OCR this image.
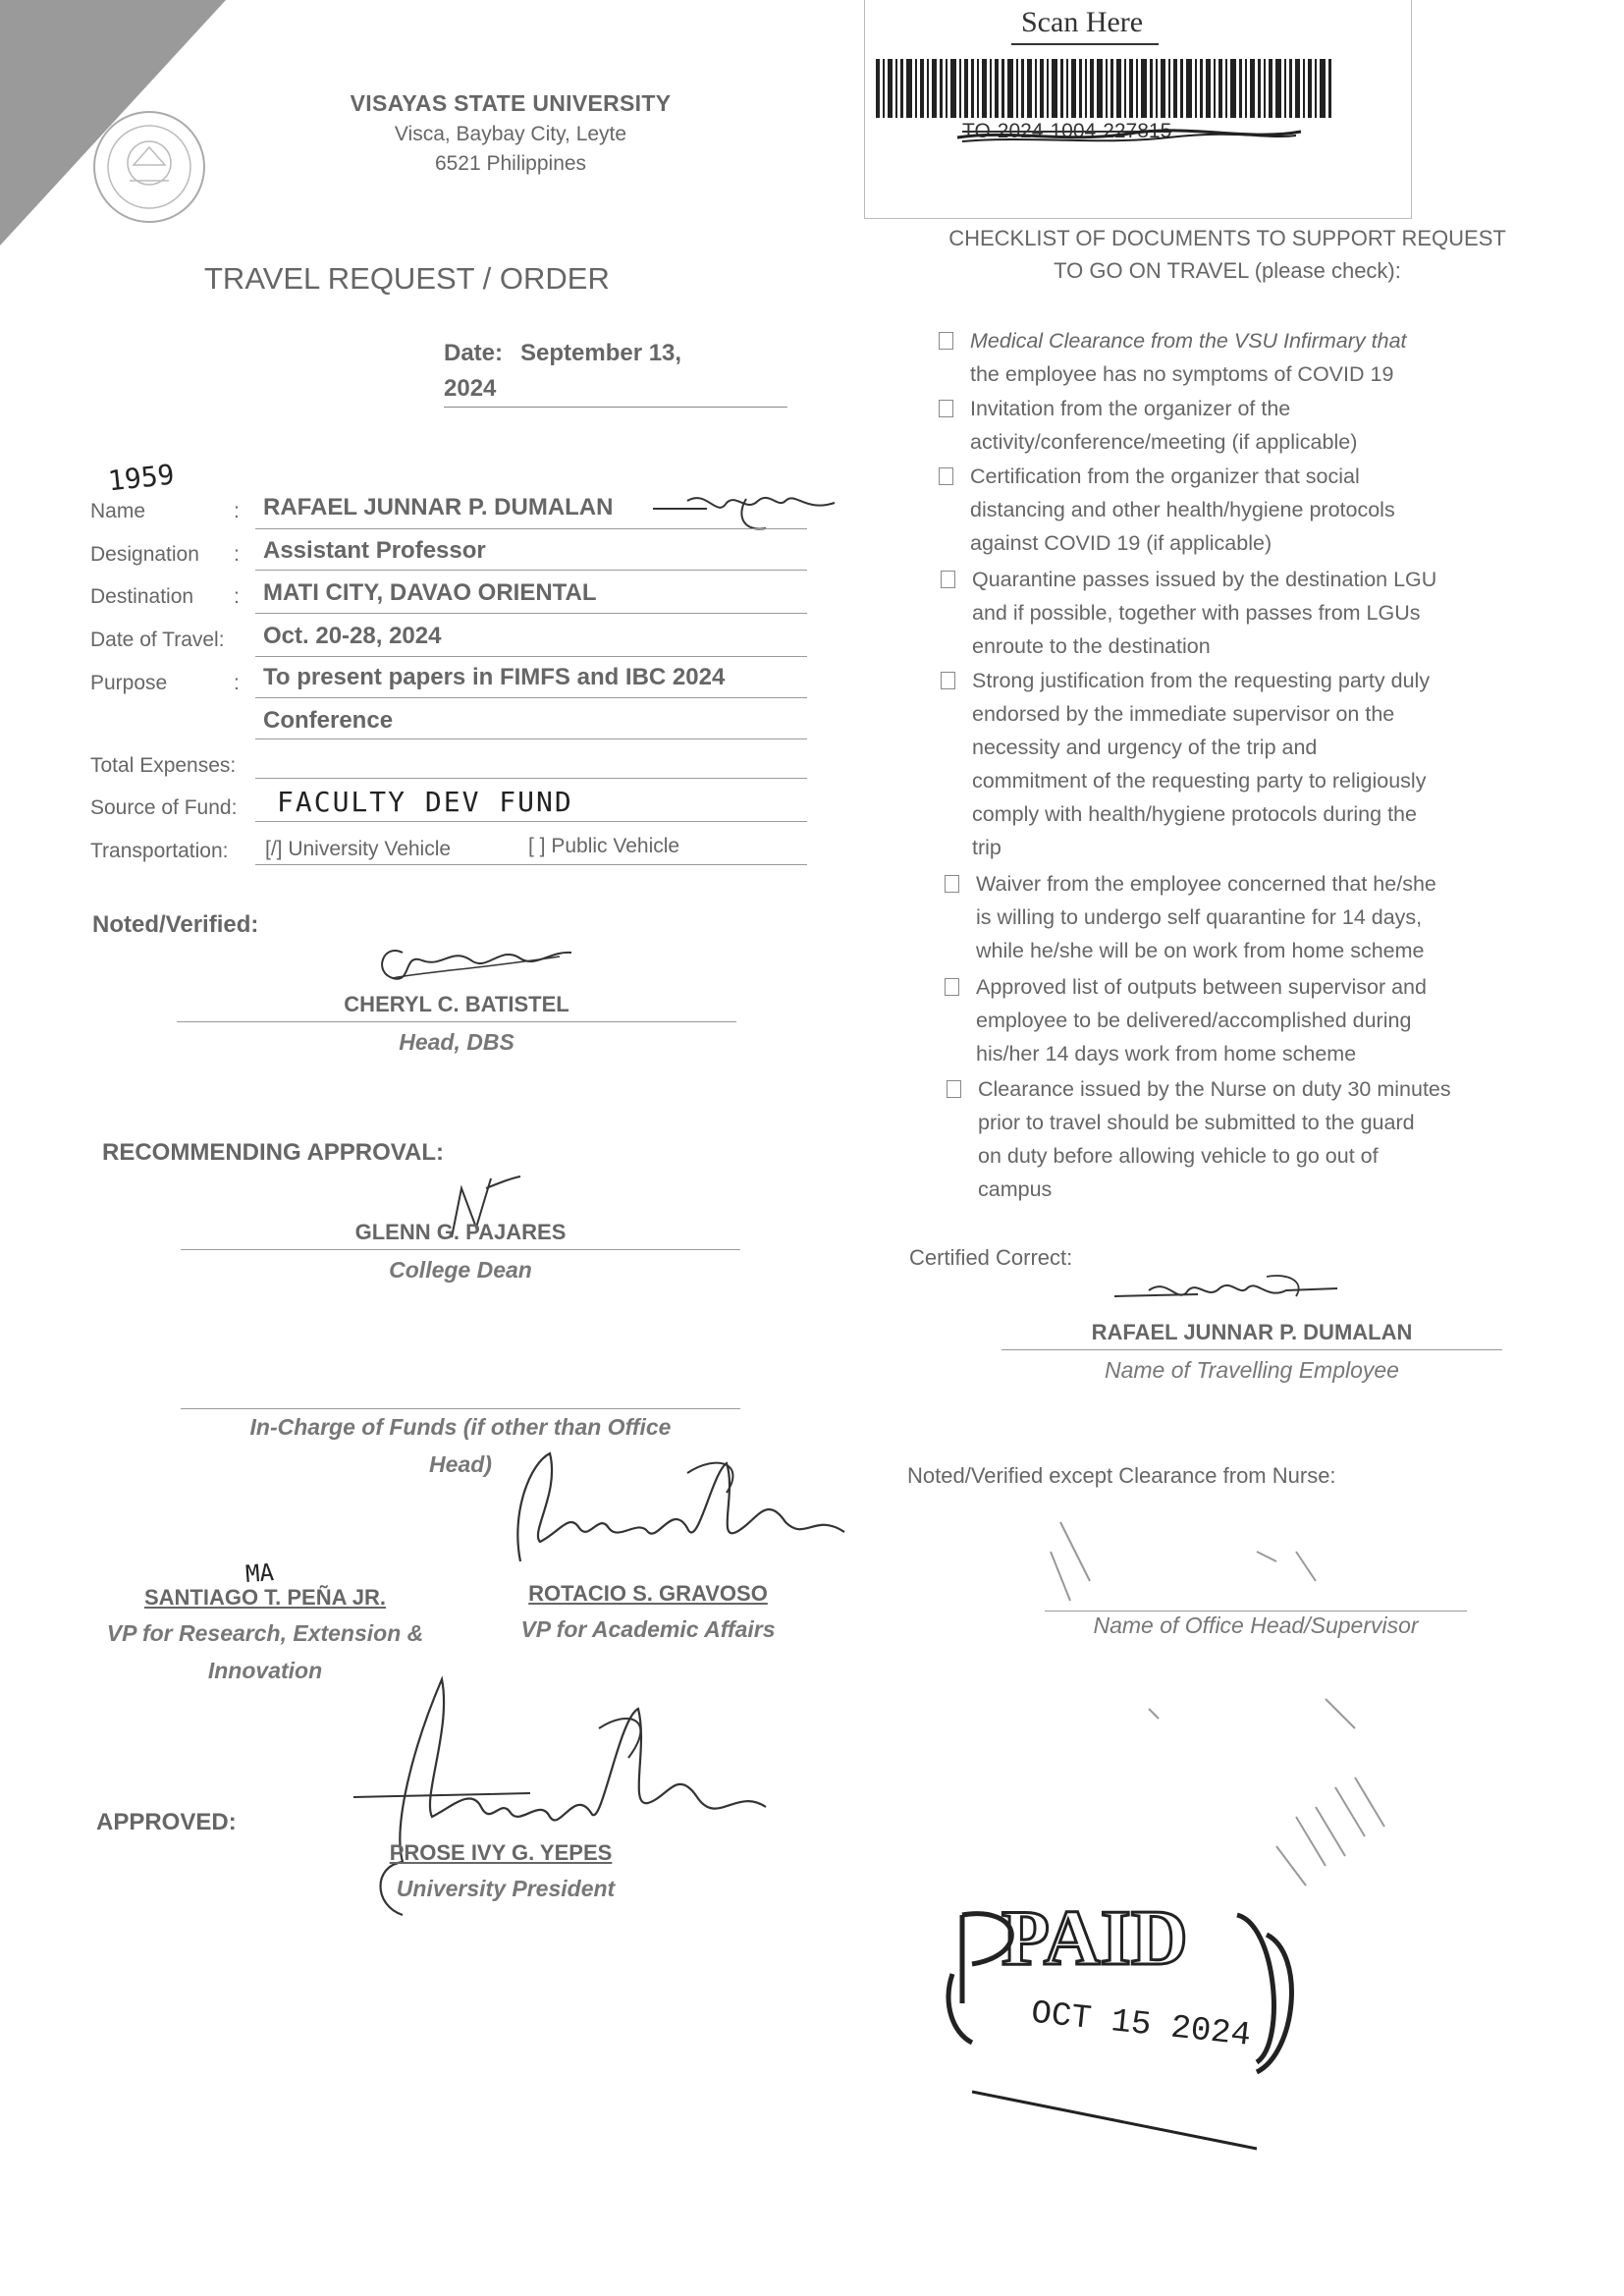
VISAYAS STATE UNIVERSITY
Visca, Baybay City, Leyte
6521 Philippines
Scan Here
TO-2024-1004-227815
TRAVEL REQUEST / ORDER
Date: September 13,
2024
1959
Name	: RAFAEL JUNNAR P. DUMALAN
Designation : Assistant Professor
Destination : MATI CITY, DAVAO ORIENTAL
Date of Travel: Oct. 20-28, 2024
Purpose	: To present papers in FIMFS and IBC 2024
Conference
Total Expenses:
Source of Fund: FACULTY DEV FUND
Transportation: [/] University Vehicle	[ ] Public Vehicle
Noted/Verified:
CHERYL C. BATISTEL
Head, DBS
RECOMMENDING APPROVAL:
GLENN G. PAJARES
College Dean
In-Charge of Funds (if other than Office
Head)
MA
SANTIAGO T. PEÑA JR.
VP for Research, Extension &
Innovation
ROTACIO S. GRAVOSO
VP for Academic Affairs
APPROVED:
PROSE IVY G. YEPES
University President
CHECKLIST OF DOCUMENTS TO SUPPORT REQUEST
TO GO ON TRAVEL (please check):
Medical Clearance from the VSU Infirmary that
the employee has no symptoms of COVID 19
Invitation from the organizer of the
activity/conference/meeting (if applicable)
Certification from the organizer that social
distancing and other health/hygiene protocols
against COVID 19 (if applicable)
Quarantine passes issued by the destination LGU
and if possible, together with passes from LGUs
enroute to the destination
Strong justification from the requesting party duly
endorsed by the immediate supervisor on the
necessity and urgency of the trip and
commitment of the requesting party to religiously
comply with health/hygiene protocols during the
trip
Waiver from the employee concerned that he/she
is willing to undergo self quarantine for 14 days,
while he/she will be on work from home scheme
Approved list of outputs between supervisor and
employee to be delivered/accomplished during
his/her 14 days work from home scheme
Clearance issued by the Nurse on duty 30 minutes
prior to travel should be submitted to the guard
on duty before allowing vehicle to go out of
campus
Certified Correct:
RAFAEL JUNNAR P. DUMALAN
Name of Travelling Employee
Noted/Verified except Clearance from Nurse:
Name of Office Head/Supervisor
PAID
OCT 15 2024
